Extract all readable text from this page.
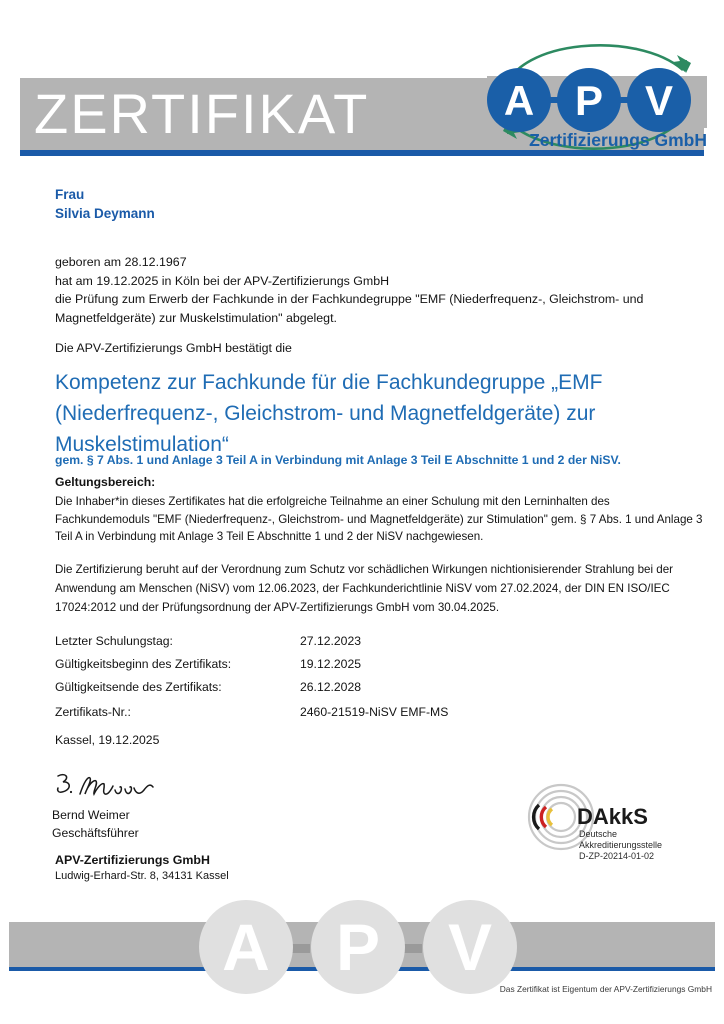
ZERTIFIKAT	A P V
Zertifizierungs GmbH
Frau
Silvia Deymann
geboren am 28.12.1967
hat am 19.12.2025 in Köln bei der APV-Zertifizierungs GmbH
die Prüfung zum Erwerb der Fachkunde in der Fachkundegruppe "EMF (Niederfrequenz-, Gleichstrom- und Magnetfeldgeräte) zur Muskelstimulation" abgelegt.
Die APV-Zertifizierungs GmbH bestätigt die
Kompetenz zur Fachkunde für die Fachkundegruppe „EMF (Niederfrequenz-, Gleichstrom- und Magnetfeldgeräte) zur Muskelstimulation“
gem. § 7 Abs. 1 und Anlage 3 Teil A in Verbindung mit Anlage 3 Teil E Abschnitte 1 und 2 der NiSV.
Geltungsbereich:
Die Inhaber*in dieses Zertifikates hat die erfolgreiche Teilnahme an einer Schulung mit den Lerninhalten des Fachkundemoduls "EMF (Niederfrequenz-, Gleichstrom- und Magnetfeldgeräte) zur Stimulation" gem. § 7 Abs. 1 und Anlage 3 Teil A in Verbindung mit Anlage 3 Teil E Abschnitte 1 und 2 der NiSV nachgewiesen.
Die Zertifizierung beruht auf der Verordnung zum Schutz vor schädlichen Wirkungen nichtionisierender Strahlung bei der Anwendung am Menschen (NiSV) vom 12.06.2023, der Fachkunderichtlinie NiSV vom 27.02.2024, der DIN EN ISO/IEC 17024:2012 und der Prüfungsordnung der APV-Zertifizierungs GmbH vom 30.04.2025.
Letzter Schulungstag:	27.12.2023
Gültigkeitsbeginn des Zertifikats:	19.12.2025
Gültigkeitsende des Zertifikats:	26.12.2028
Zertifikats-Nr.:	2460-21519-NiSV EMF-MS
Kassel, 19.12.2025
Bernd Weimer
Geschäftsführer
APV-Zertifizierungs GmbH
Ludwig-Erhard-Str. 8, 34131 Kassel
DAkkS
Deutsche
Akkreditierungsstelle
D-ZP-20214-01-02
A P V
Das Zertifikat ist Eigentum der APV-Zertifizierungs GmbH
